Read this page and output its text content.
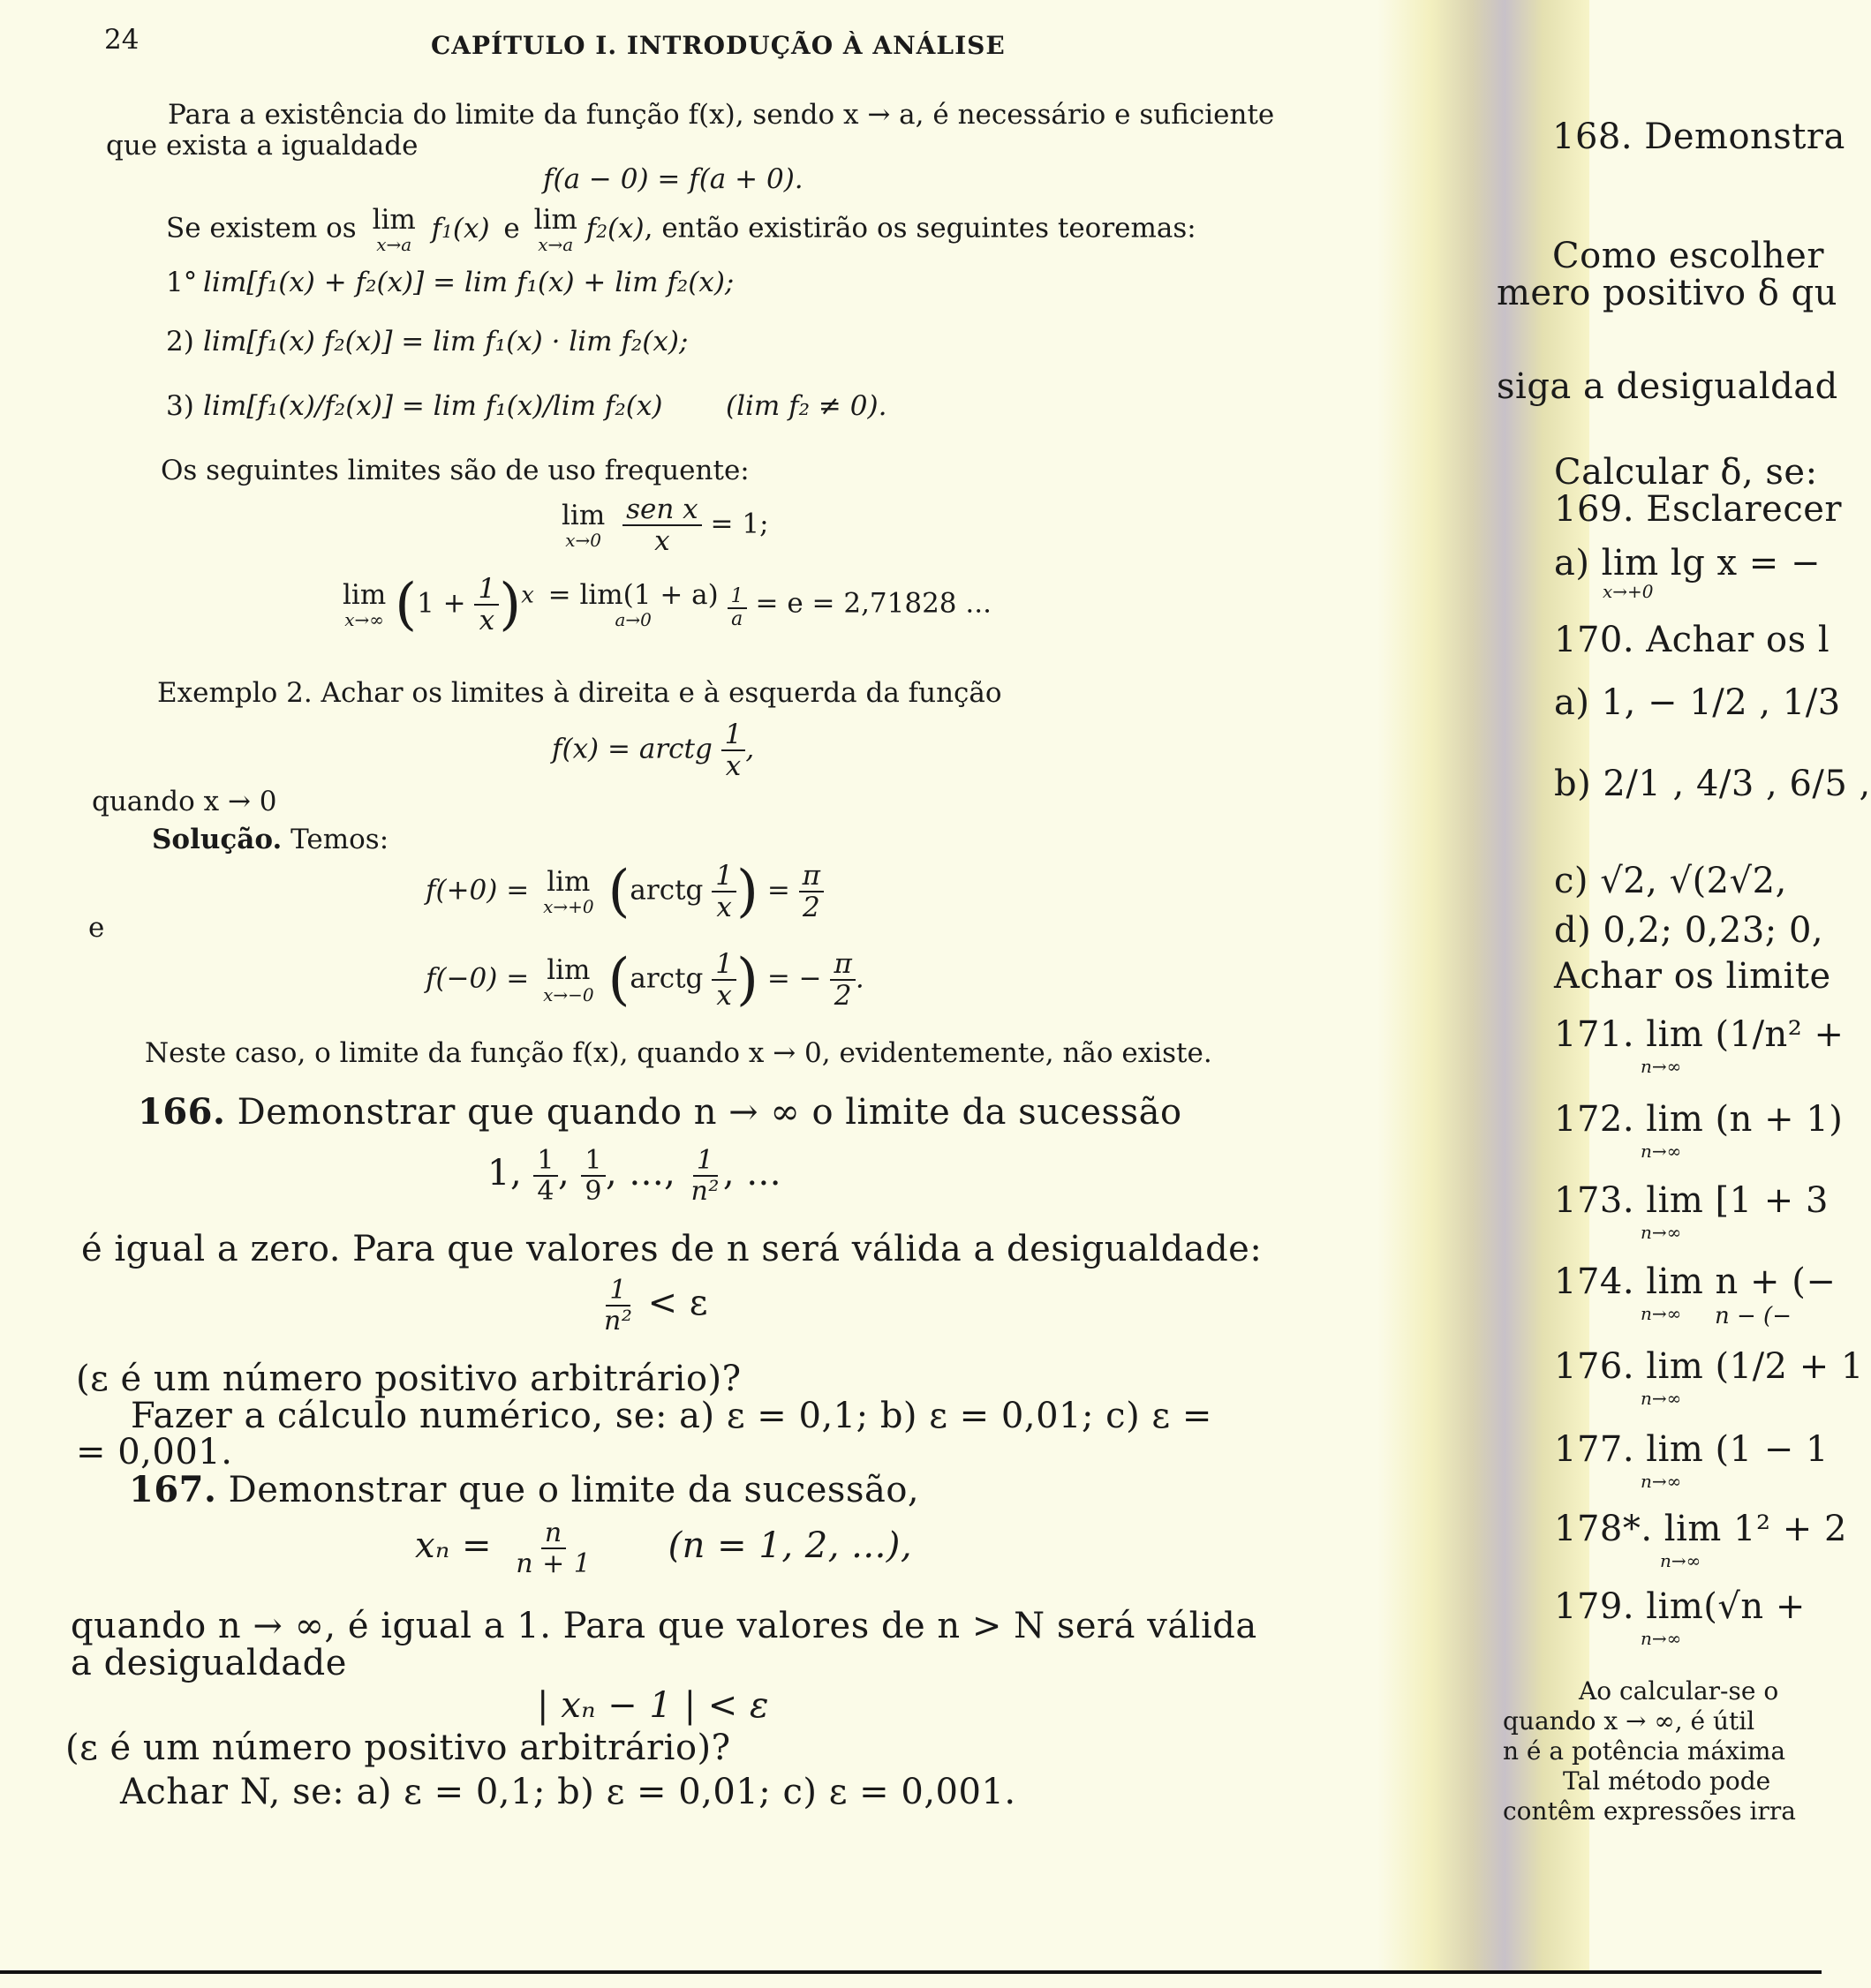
24	CAPÍTULO I. INTRODUÇÃO À ANÁLISE
Para a existência do limite da função f(x), sendo x → a, é necessário e suficiente
que exista a igualdade
f(a − 0) = f(a + 0).
Se existem os lim
x→a
f1(x) e lim
x→a
f2(x), então existirão os seguintes teoremas:
1° lim[f₁(x) + f₂(x)] = lim f₁(x) + lim f₂(x);
2) lim[f₁(x) f₂(x)] = lim f₁(x) · lim f₂(x);
3) lim[f₁(x)/f₂(x)] = lim f₁(x)/lim f₂(x) (lim f₂ ≠ 0).
Os seguintes limites são de uso frequente:
lim
x→0
$\frac{\text{sen x}}{x} = 1$;
lim
x→∞ $(1 + \frac{1}{x} )^x = \lim(1 + a)$
a→0
	$^{\frac{1}{a}}$ = e = 2,71828 ...
Exemplo 2. Achar os limites à direita e à esquerda da função
f(x) = arctg $\frac{1}{x}$ ,
quando x → 0
Solução. Temos:
f(+0) = lim
x→+0 (arctg $\frac{1}{x}$ ) = $\frac{\pi}{2}$
e
f(−0) = lim
x→−0 (arctg $\frac{1}{x}$ ) = − $\frac{\pi}{2}$ .
Neste caso, o limite da função f(x), quando x → 0, evidentemente, não existe.
166. Demonstrar que quando n → ∞ o limite da sucessão
1, $\frac{1}{4}$ , $\frac{1}{9}$ , ..., $\frac{1}{\text{n²}}$ , ...
é igual a zero. Para que valores de n será válida a desigualdade:
$\frac{1}{\text{n²}} < \varepsilon$
(ε é um número positivo arbitrário)?
Fazer a cálculo numérico, se: a) ε = 0,1; b) ε = 0,01; c) ε =
= 0,001.
167. Demonstrar que o limite da sucessão,
$x_n = \frac{n}{n + 1} (n = 1$, 2, ...),
quando n → ∞, é igual a 1. Para que valores de n > N será válida
a desigualdade
| xₙ − 1 | < ε
(ε é um número positivo arbitrário)?
Achar N, se: a) ε = 0,1; b) ε = 0,01; c) ε = 0,001.
168. Demonstra
Como escolher
mero positivo δ qu
siga a desigualdad
Calcular δ, se:
169. Esclarecer
a) lim lg x = −
x→+0
170. Achar os l
a) 1, − 1/2 , 1/3
b) 2/1 , 4/3 , 6/5 ,
c) √2, √(2√2,
d) 0,2; 0,23; 0,
Achar os limite
171. lim (1/n² +
n→∞
172. lim (n + 1)
n→∞
173. lim [1 + 3
n→∞
174. lim n + (−
n→∞ n − (−
176. lim (1/2 + 1
n→∞
177. lim (1 − 1
n→∞
178*. lim 1² + 2
n→∞
179. lim(√n +
n→∞
Ao calcular-se o
quando x → ∞, é útil
n é a potência máxima
Tal método pode
contêm expressões irra
